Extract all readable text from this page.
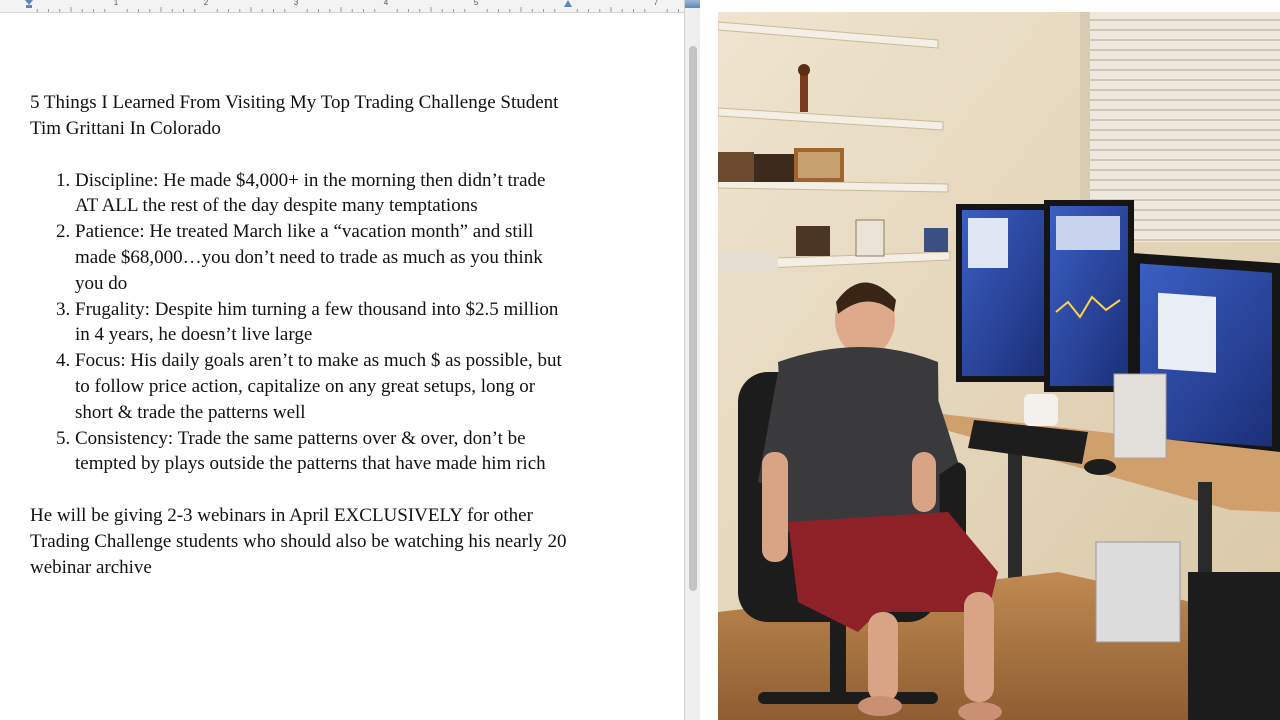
1	2	3	4	5	7

5 Things I Learned From Visiting My Top Trading Challenge Student Tim Grittani In Colorado

1. Discipline: He made $4,000+ in the morning then didn’t trade AT ALL the rest of the day despite many temptations
2. Patience: He treated March like a “vacation month” and still made $68,000…you don’t need to trade as much as you think you do
3. Frugality: Despite him turning a few thousand into $2.5 million in 4 years, he doesn’t live large
4. Focus: His daily goals aren’t to make as much $ as possible, but to follow price action, capitalize on any great setups, long or short & trade the patterns well
5. Consistency: Trade the same patterns over & over, don’t be tempted by plays outside the patterns that have made him rich

He will be giving 2-3 webinars in April EXCLUSIVELY for other Trading Challenge students who should also be watching his nearly 20 webinar archive
